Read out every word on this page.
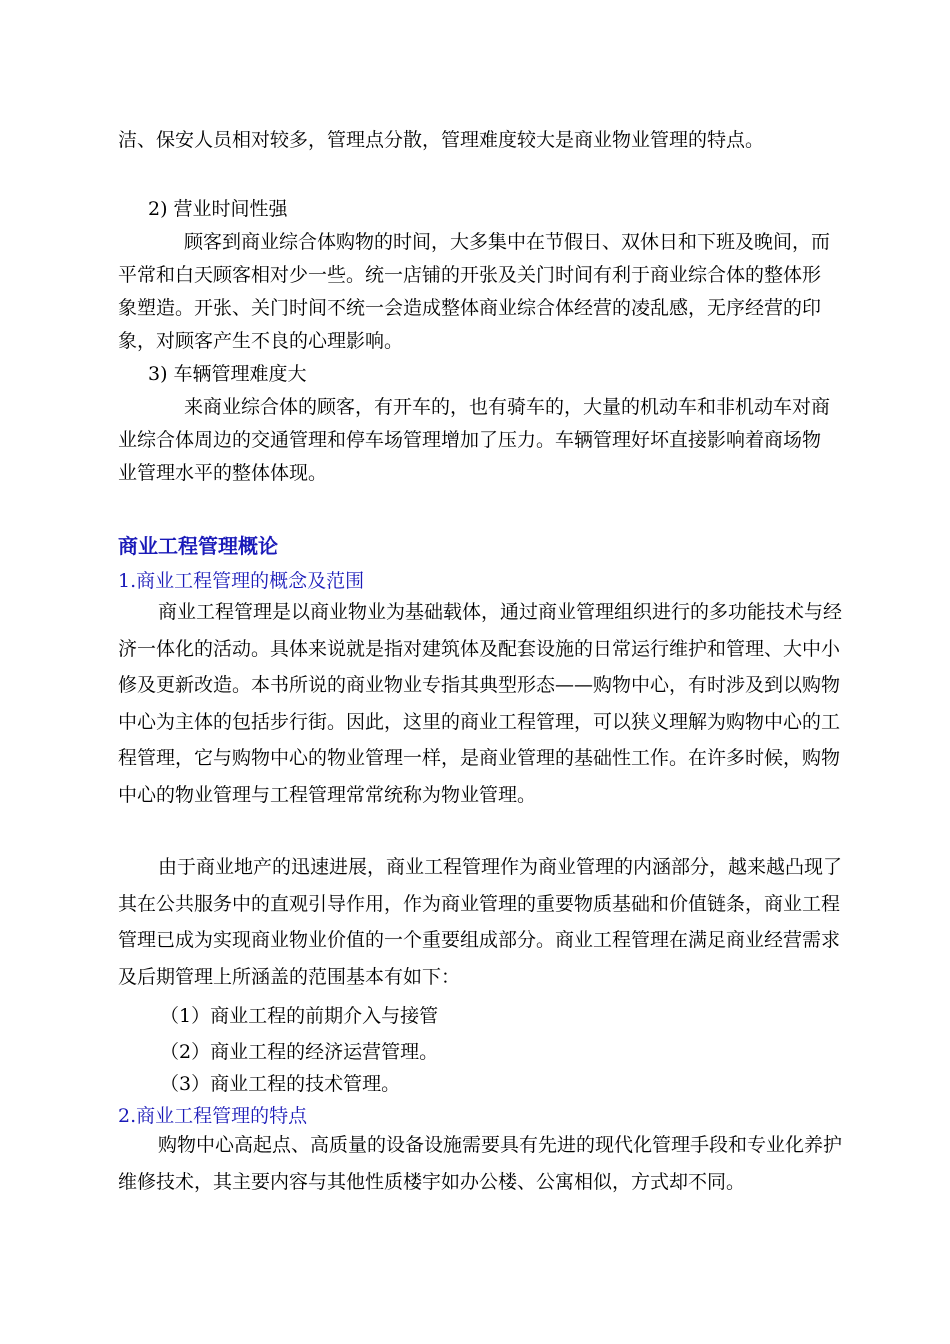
洁、保安人员相对较多，管理点分散，管理难度较大是商业物业管理的特点。

2) 营业时间性强

顾客到商业综合体购物的时间，大多集中在节假日、双休日和下班及晚间，而平常和白天顾客相对少一些。统一店铺的开张及关门时间有利于商业综合体的整体形象塑造。开张、关门时间不统一会造成整体商业综合体经营的凌乱感，无序经营的印象，对顾客产生不良的心理影响。

3) 车辆管理难度大

来商业综合体的顾客，有开车的，也有骑车的，大量的机动车和非机动车对商业综合体周边的交通管理和停车场管理增加了压力。车辆管理好坏直接影响着商场物业管理水平的整体体现。

商业工程管理概论

1.商业工程管理的概念及范围

商业工程管理是以商业物业为基础载体，通过商业管理组织进行的多功能技术与经济一体化的活动。具体来说就是指对建筑体及配套设施的日常运行维护和管理、大中小修及更新改造。本书所说的商业物业专指其典型形态——购物中心，有时涉及到以购物中心为主体的包括步行街。因此，这里的商业工程管理，可以狭义理解为购物中心的工程管理，它与购物中心的物业管理一样，是商业管理的基础性工作。在许多时候，购物中心的物业管理与工程管理常常统称为物业管理。

由于商业地产的迅速进展，商业工程管理作为商业管理的内涵部分，越来越凸现了其在公共服务中的直观引导作用，作为商业管理的重要物质基础和价值链条，商业工程管理已成为实现商业物业价值的一个重要组成部分。商业工程管理在满足商业经营需求及后期管理上所涵盖的范围基本有如下：

（1）商业工程的前期介入与接管

（2）商业工程的经济运营管理。

（3）商业工程的技术管理。

2.商业工程管理的特点

购物中心高起点、高质量的设备设施需要具有先进的现代化管理手段和专业化养护维修技术，其主要内容与其他性质楼宇如办公楼、公寓相似，方式却不同。
